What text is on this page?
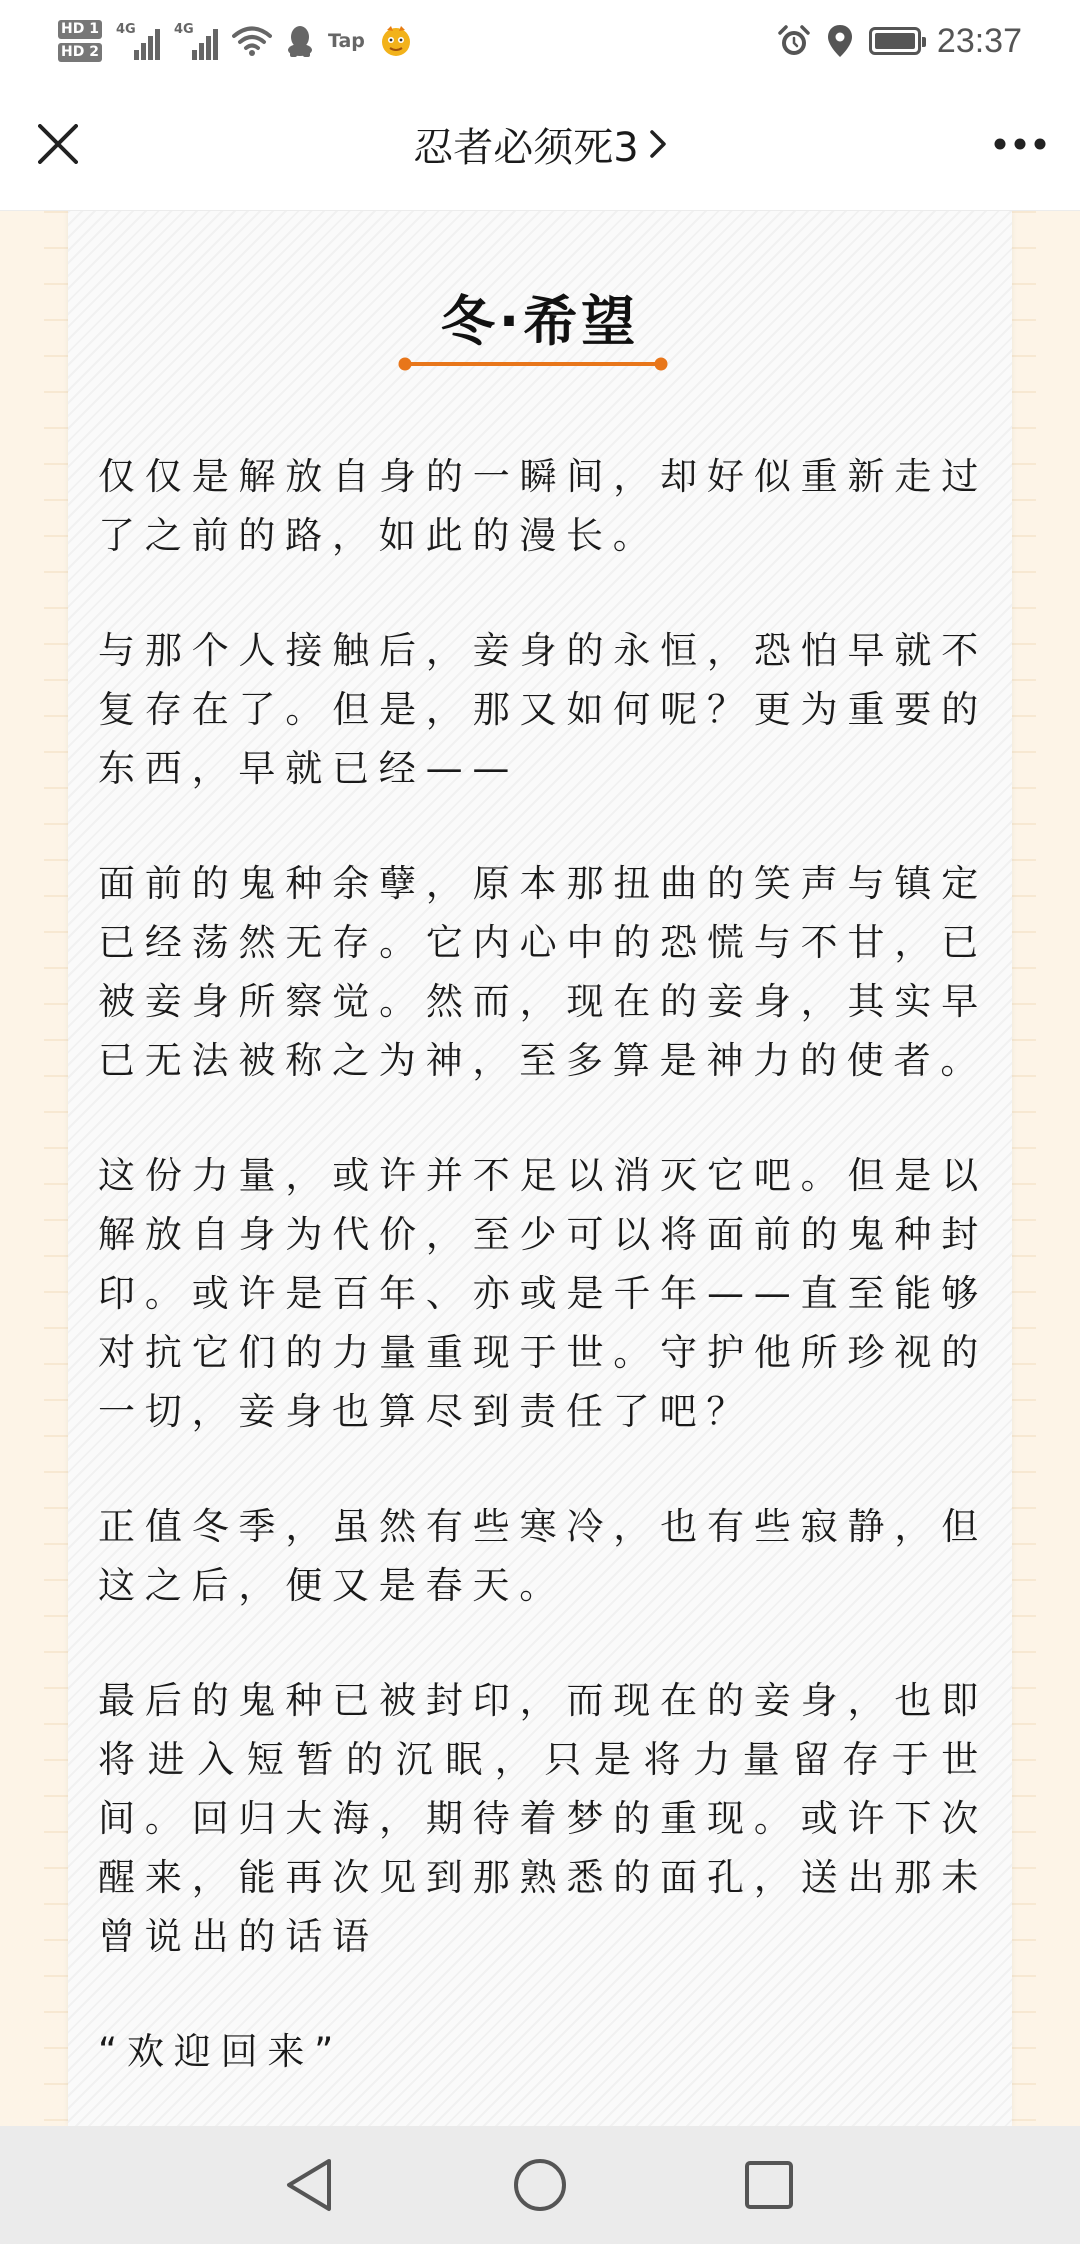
HD 1
HD 2
4G	4G
Tap	23:37
忍者必须死3
冬·希望

仅仅是解放自身的一瞬间，却好似重新走过了之前的路，如此的漫长。

与那个人接触后，妾身的永恒，恐怕早就不复存在了。但是，那又如何呢？更为重要的东西，早就已经——

面前的鬼种余孽，原本那扭曲的笑声与镇定已经荡然无存。它内心中的恐慌与不甘，已被妾身所察觉。然而，现在的妾身，其实早已无法被称之为神，至多算是神力的使者。

这份力量，或许并不足以消灭它吧。但是以解放自身为代价，至少可以将面前的鬼种封印。或许是百年、亦或是千年——直至能够对抗它们的力量重现于世。守护他所珍视的一切，妾身也算尽到责任了吧？

正值冬季，虽然有些寒冷，也有些寂静，但这之后，便又是春天。

最后的鬼种已被封印，而现在的妾身，也即将进入短暂的沉眠，只是将力量留存于世间。回归大海，期待着梦的重现。或许下次醒来，能再次见到那熟悉的面孔，送出那未曾说出的话语

“欢迎回来”
